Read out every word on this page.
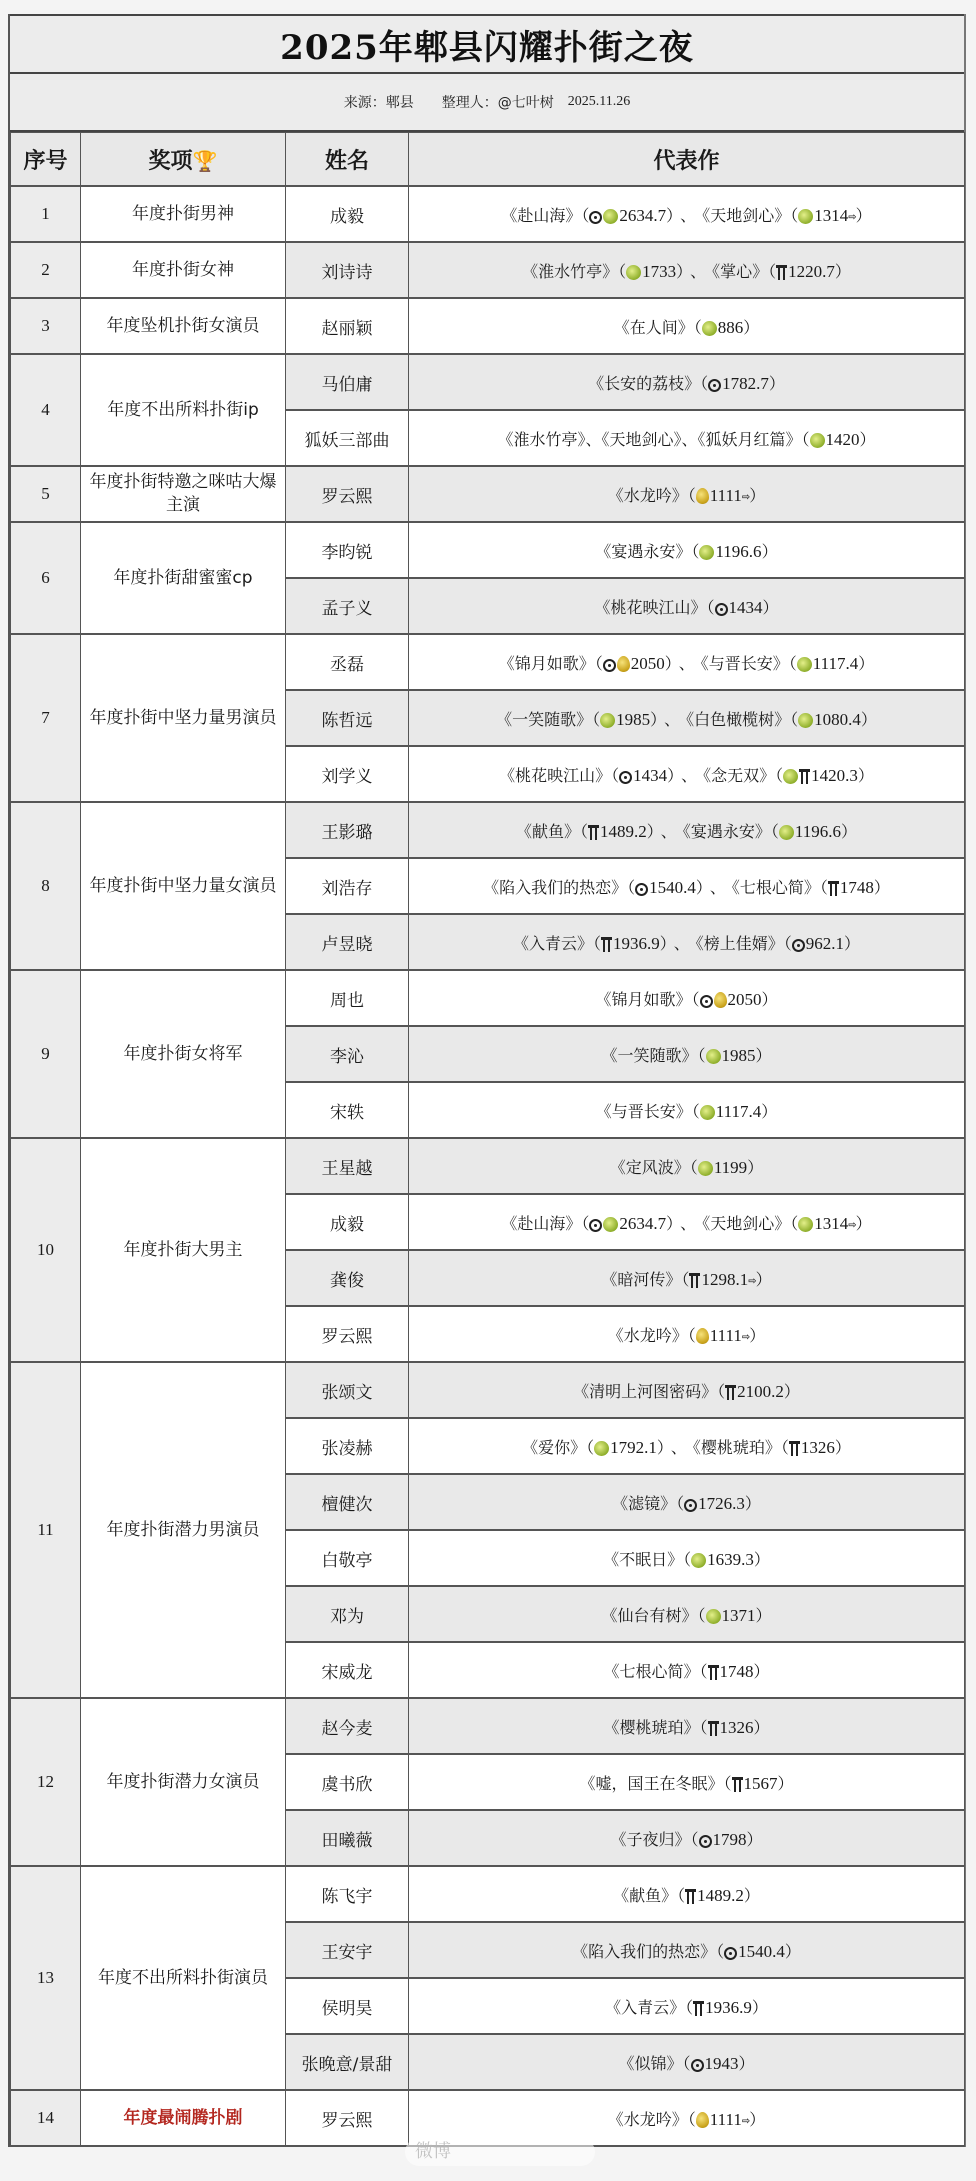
2025年郫县闪耀扑街之夜
来源：郫县 整理人：@七叶树 2025.11.26
序号	奖项🏆	姓名	代表作
1	年度扑街男神	成毅	《赴山海》（ 2634.7） 、 《天地剑心》（ 1314⇨）
2	年度扑街女神	刘诗诗	《淮水竹亭》（ 1733） 、 《掌心》（ 1220.7）
3	年度坠机扑街女演员	赵丽颖	《在人间》（ 886）
4	年度不出所料扑街ip	马伯庸	《长安的荔枝》（ 1782.7）
		狐妖三部曲	《淮水竹亭》、《天地剑心》、《狐妖月红篇》（ 1420）
5	年度扑街特邀之咪咕大爆主演	罗云熙	《水龙吟》（ 1111⇨）
6	年度扑街甜蜜蜜cp	李昀锐	《宴遇永安》（ 1196.6）
		孟子义	《桃花映江山》（ 1434）
7	年度扑街中坚力量男演员	丞磊	《锦月如歌》（ 2050） 、 《与晋长安》（ 1117.4）
		陈哲远	《一笑随歌》（ 1985） 、 《白色橄榄树》（ 1080.4）
		刘学义	《桃花映江山》（ 1434） 、 《念无双》（ 1420.3）
8	年度扑街中坚力量女演员	王影璐	《献鱼》（ 1489.2） 、 《宴遇永安》（ 1196.6）
		刘浩存	《陷入我们的热恋》（ 1540.4） 、 《七根心简》（ 1748）
		卢昱晓	《入青云》（ 1936.9） 、 《榜上佳婿》（ 962.1）
9	年度扑街女将军	周也	《锦月如歌》（ 2050）
		李沁	《一笑随歌》（ 1985）
		宋轶	《与晋长安》（ 1117.4）
10	年度扑街大男主	王星越	《定风波》（ 1199）
		成毅	《赴山海》（ 2634.7） 、 《天地剑心》（ 1314⇨）
		龚俊	《暗河传》（ 1298.1⇨）
		罗云熙	《水龙吟》（ 1111⇨）
11	年度扑街潜力男演员	张颂文	《清明上河图密码》（ 2100.2）
		张凌赫	《爱你》（ 1792.1） 、 《樱桃琥珀》（ 1326）
		檀健次	《滤镜》（ 1726.3）
		白敬亭	《不眠日》（ 1639.3）
		邓为	《仙台有树》（ 1371）
		宋威龙	《七根心简》（ 1748）
12	年度扑街潜力女演员	赵今麦	《樱桃琥珀》（ 1326）
		虞书欣	《嘘，国王在冬眠》（ 1567）
		田曦薇	《子夜归》（ 1798）
13	年度不出所料扑街演员	陈飞宇	《献鱼》（ 1489.2）
		王安宇	《陷入我们的热恋》（ 1540.4）
		侯明昊	《入青云》（ 1936.9）
		张晚意/景甜	《似锦》（ 1943）
14	年度最闹腾扑剧	罗云熙	《水龙吟》（ 1111⇨）
微博
